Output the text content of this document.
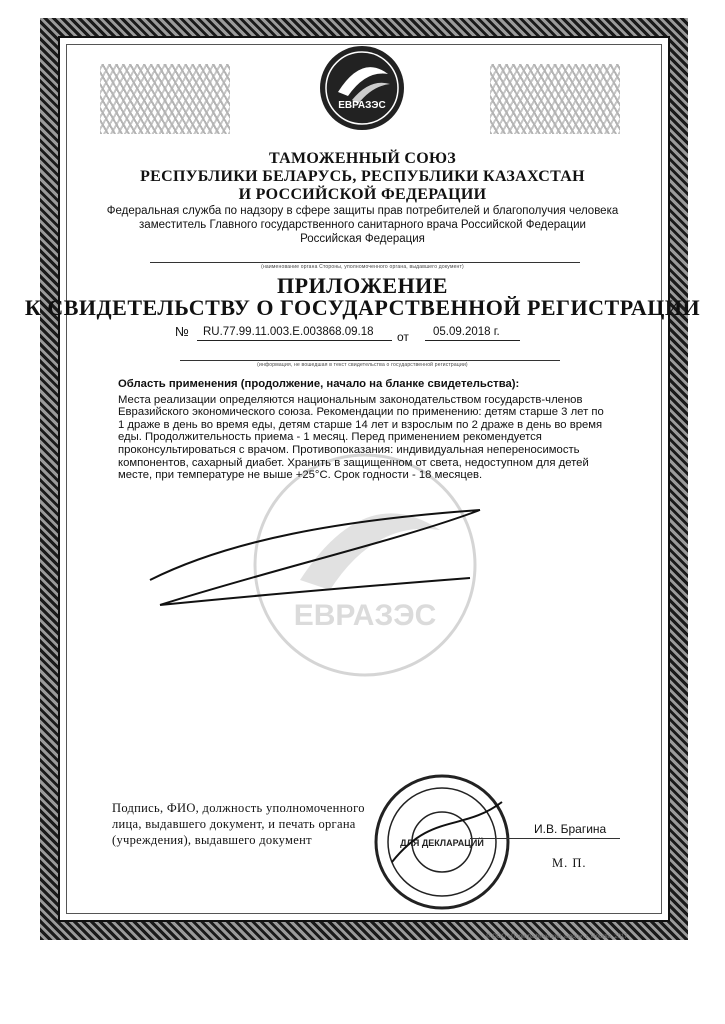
ЕВРАЗЭС
ТАМОЖЕННЫЙ СОЮЗ
РЕСПУБЛИКИ БЕЛАРУСЬ, РЕСПУБЛИКИ КАЗАХСТАН
И РОССИЙСКОЙ ФЕДЕРАЦИИ
Федеральная служба по надзору в сфере защиты прав потребителей и благополучия человека
заместитель Главного государственного санитарного врача Российской Федерации
Российская Федерация
(наименование органа Стороны, уполномоченного органа, выдавшего документ)
ПРИЛОЖЕНИЕ
К СВИДЕТЕЛЬСТВУ О ГОСУДАРСТВЕННОЙ РЕГИСТРАЦИИ
№ RU.77.99.11.003.E.003868.09.18 от 05.09.2018 г.
(информация, не вошедшая в текст свидетельства о государственной регистрации)
ЕВРАЗЭС
Область применения (продолжение, начало на бланке свидетельства):
Места реализации определяются национальным законодательством государств-членов Евразийского экономического союза. Рекомендации по применению: детям старше 3 лет по 1 драже в день во время еды, детям старше 14 лет и взрослым по 2 драже в день во время еды. Продолжительность приема - 1 месяц. Перед применением рекомендуется проконсультироваться с врачом. Противопоказания: индивидуальная непереносимость компонентов, сахарный диабет. Хранить в защищенном от света, недоступном для детей месте, при температуре не выше +25°С. Срок годности - 18 месяцев.
Подпись, ФИО, должность уполномоченного
лица, выдавшего документ, и печать органа
(учреждения), выдавшего документ	ДЛЯ ДЕКЛАРАЦИЙ
И.В. Брагина
М. П.
© ООО «Полиграфический завод», г. Москва, 2017
